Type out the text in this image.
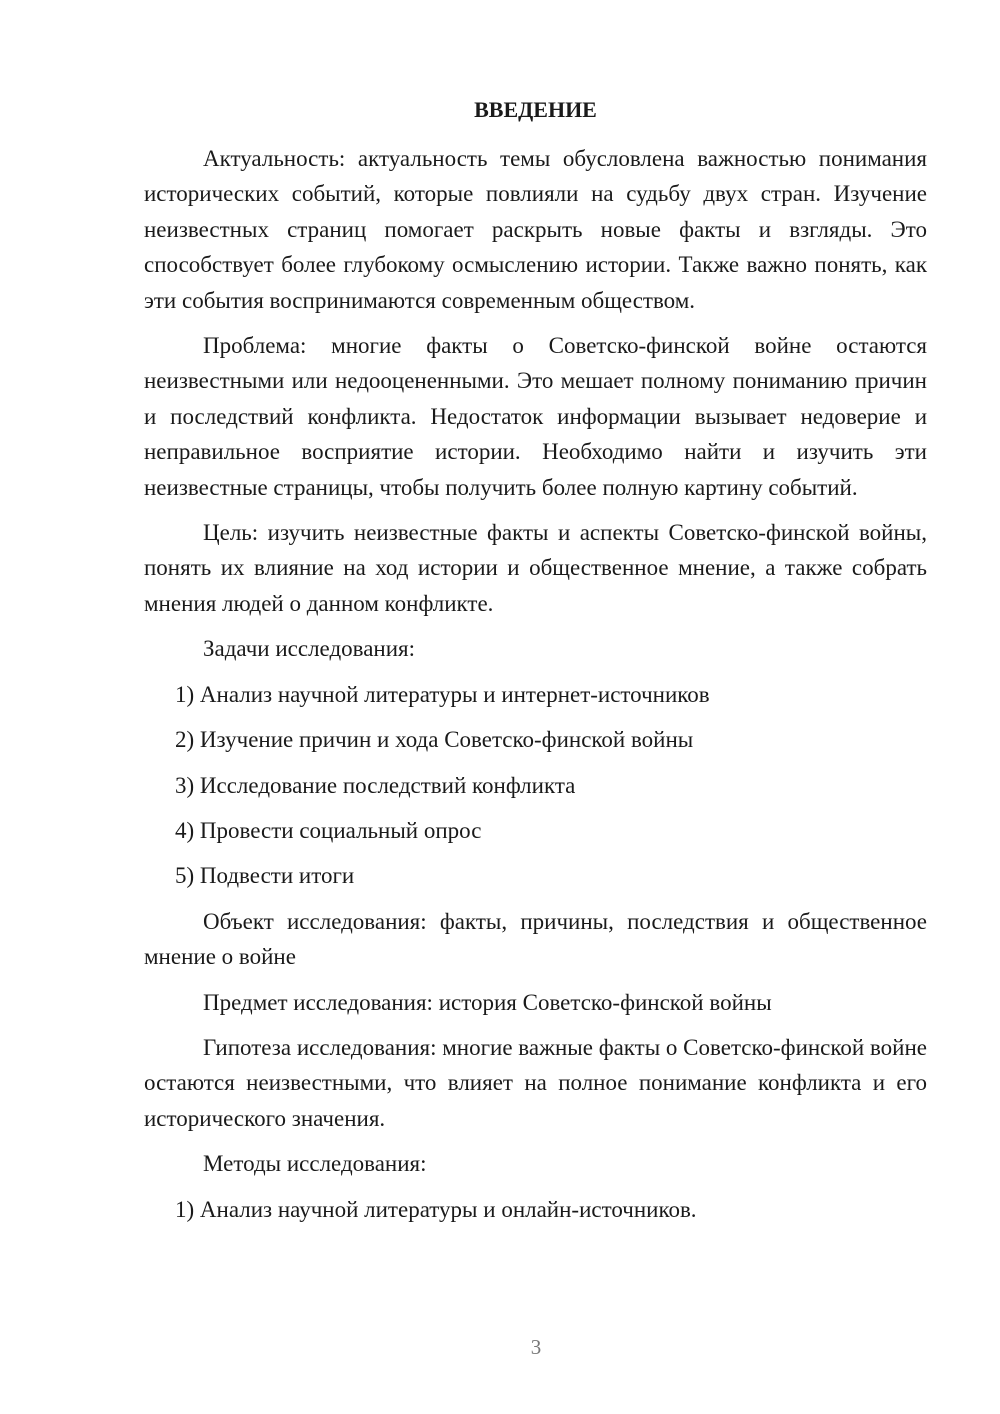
ВВЕДЕНИЕ

Актуальность: актуальность темы обусловлена важностью понимания исторических событий, которые повлияли на судьбу двух стран. Изучение неизвестных страниц помогает раскрыть новые факты и взгляды. Это способствует более глубокому осмыслению истории. Также важно понять, как эти события воспринимаются современным обществом.

Проблема: многие факты о Советско-финской войне остаются неизвестными или недооцененными. Это мешает полному пониманию причин и последствий конфликта. Недостаток информации вызывает недоверие и неправильное восприятие истории. Необходимо найти и изучить эти неизвестные страницы, чтобы получить более полную картину событий.

Цель: изучить неизвестные факты и аспекты Советско-финской войны, понять их влияние на ход истории и общественное мнение, а также собрать мнения людей о данном конфликте.

Задачи исследования:

1) Анализ научной литературы и интернет-источников
2) Изучение причин и хода Советско-финской войны
3) Исследование последствий конфликта
4) Провести социальный опрос
5) Подвести итоги

Объект исследования: факты, причины, последствия и общественное мнение о войне

Предмет исследования: история Советско-финской войны

Гипотеза исследования: многие важные факты о Советско-финской войне остаются неизвестными, что влияет на полное понимание конфликта и его исторического значения.

Методы исследования:

1) Анализ научной литературы и онлайн-источников.
3
